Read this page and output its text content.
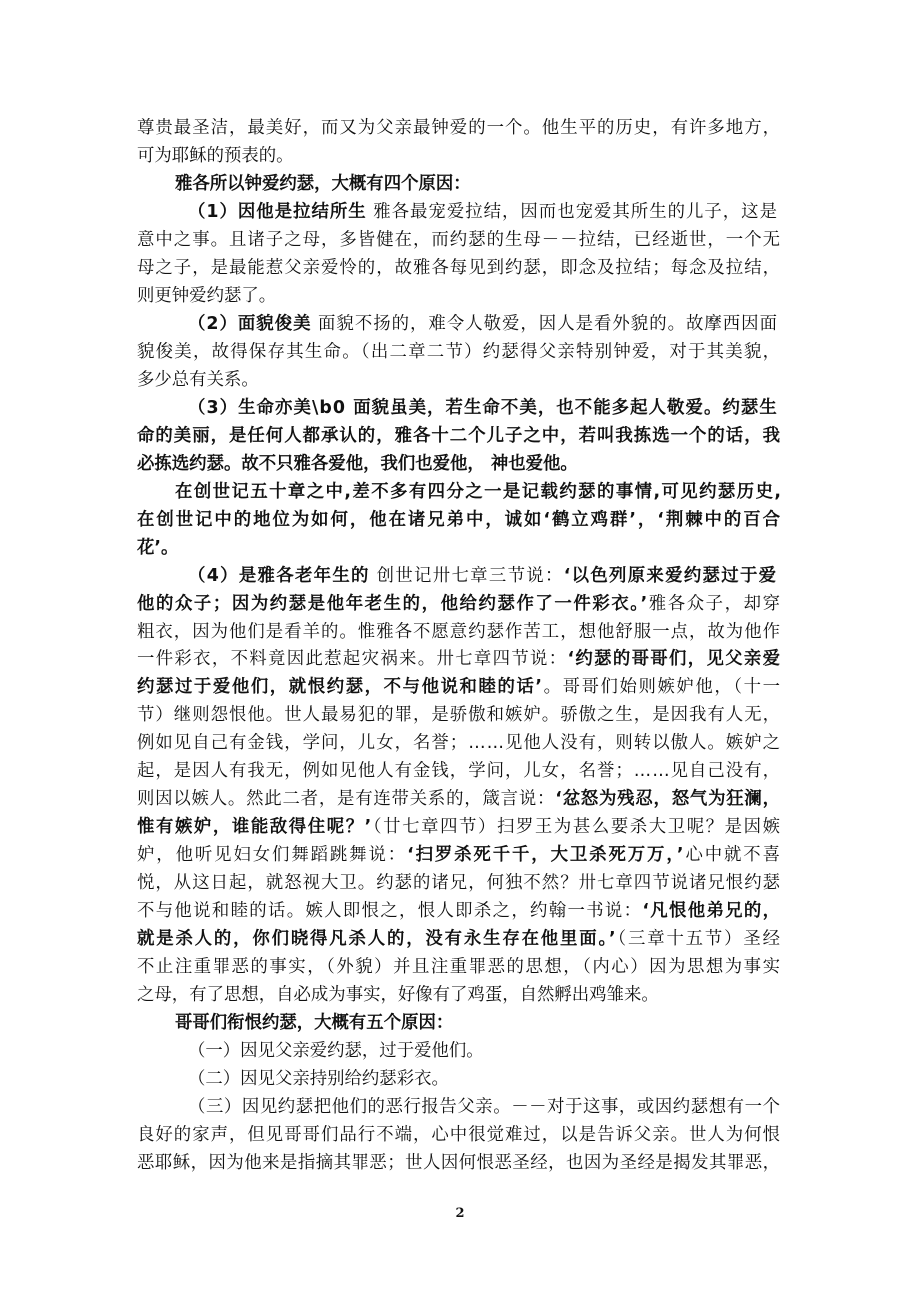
尊贵最圣洁，最美好，而又为父亲最钟爱的一个。他生平的历史，有许多地方，
可为耶稣的预表的。
雅各所以钟爱约瑟，大概有四个原因：
（1）因他是拉结所生 雅各最宠爱拉结，因而也宠爱其所生的儿子，这是
意中之事。且诸子之母，多皆健在，而约瑟的生母－－拉结，已经逝世，一个无
母之子，是最能惹父亲爱怜的，故雅各每见到约瑟，即念及拉结；每念及拉结，
则更钟爱约瑟了。
（2）面貌俊美 面貌不扬的，难令人敬爱，因人是看外貌的。故摩西因面
貌俊美，故得保存其生命。（出二章二节）约瑟得父亲特别钟爱，对于其美貌，
多少总有关系。
（3）生命亦美\b0 面貌虽美，若生命不美，也不能多起人敬爱。约瑟生
命的美丽，是任何人都承认的，雅各十二个儿子之中，若叫我拣选一个的话，我
必拣选约瑟。故不只雅各爱他，我们也爱他， 神也爱他。
在创世记五十章之中,差不多有四分之一是记载约瑟的事情,可见约瑟历史,
在创世记中的地位为如何，他在诸兄弟中，诚如‘鹤立鸡群’，‘荆棘中的百合
花’。
（4）是雅各老年生的 创世记卅七章三节说：‘以色列原来爱约瑟过于爱
他的众子；因为约瑟是他年老生的，他给约瑟作了一件彩衣。’雅各众子，却穿
粗衣，因为他们是看羊的。惟雅各不愿意约瑟作苦工，想他舒服一点，故为他作
一件彩衣，不料竟因此惹起灾祸来。卅七章四节说：‘约瑟的哥哥们，见父亲爱
约瑟过于爱他们，就恨约瑟，不与他说和睦的话’。哥哥们始则嫉妒他，（十一
节）继则怨恨他。世人最易犯的罪，是骄傲和嫉妒。骄傲之生，是因我有人无，
例如见自己有金钱，学问，儿女，名誉；……见他人没有，则转以傲人。嫉妒之
起，是因人有我无，例如见他人有金钱，学问，儿女，名誉；……见自己没有，
则因以嫉人。然此二者，是有连带关系的，箴言说：‘忿怒为残忍，怒气为狂澜，
惟有嫉妒，谁能敌得住呢？’（廿七章四节）扫罗王为甚么要杀大卫呢？是因嫉
妒，他听见妇女们舞蹈跳舞说：‘扫罗杀死千千，大卫杀死万万，’心中就不喜
悦，从这日起，就怒视大卫。约瑟的诸兄，何独不然？卅七章四节说诸兄恨约瑟
不与他说和睦的话。嫉人即恨之，恨人即杀之，约翰一书说：‘凡恨他弟兄的，
就是杀人的，你们晓得凡杀人的，没有永生存在他里面。’（三章十五节）圣经
不止注重罪恶的事实，（外貌）并且注重罪恶的思想，（内心）因为思想为事实
之母，有了思想，自必成为事实，好像有了鸡蛋，自然孵出鸡雏来。
哥哥们衔恨约瑟，大概有五个原因：
（一）因见父亲爱约瑟，过于爱他们。
（二）因见父亲持别给约瑟彩衣。
（三）因见约瑟把他们的恶行报告父亲。－－对于这事，或因约瑟想有一个
良好的家声，但见哥哥们品行不端，心中很觉难过，以是告诉父亲。世人为何恨
恶耶稣，因为他来是指摘其罪恶；世人因何恨恶圣经，也因为圣经是揭发其罪恶，
2
